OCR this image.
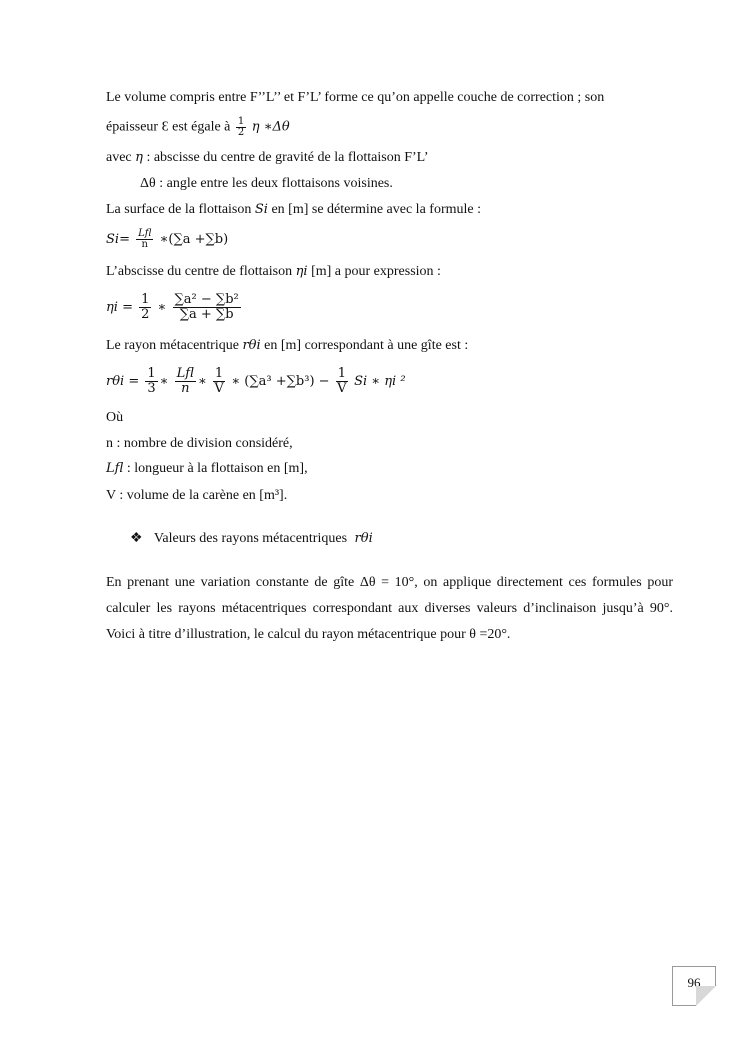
Le volume compris entre F’’L’’ et F’L’ forme ce qu’on appelle couche de correction ; son
épaisseur Ɛ est égale à $\frac{1}{2}$ η ∗Δθ
avec η : abscisse du centre de gravité de la flottaison F’L’
Δθ : angle entre les deux flottaisons voisines.
La surface de la flottaison Si en [m] se détermine avec la formule :
$Si= \frac{\text{Lfl}}{n}$ ∗(∑a +∑b)
L’abscisse du centre de flottaison ηi [m] a pour expression :
$\eta i = \frac{1}{2}$ ∗ $\frac{\text{∑a² − ∑b²}}{\sum a + \sum b}$
Le rayon métacentrique rθi en [m] correspondant à une gîte est :
$r\theta i = \frac{1}{3}$ ∗ $\frac{\text{Lfl}}{n}$ ∗ $\frac{1}{V}$ ∗ $(\sum a^3 +\sum b^3) - \frac{1}{V}$ Si ∗ ηi ²
Où
n : nombre de division considéré,
Lfl : longueur à la flottaison en [m],
V : volume de la carène en [m³].
❖ Valeurs des rayons métacentriques rθi
En prenant une variation constante de gîte Δθ = 10°, on applique directement ces formules pour calculer les rayons métacentriques correspondant aux diverses valeurs d’inclinaison jusqu’à 90°. Voici à titre d’illustration, le calcul du rayon métacentrique pour θ =20°.
96
